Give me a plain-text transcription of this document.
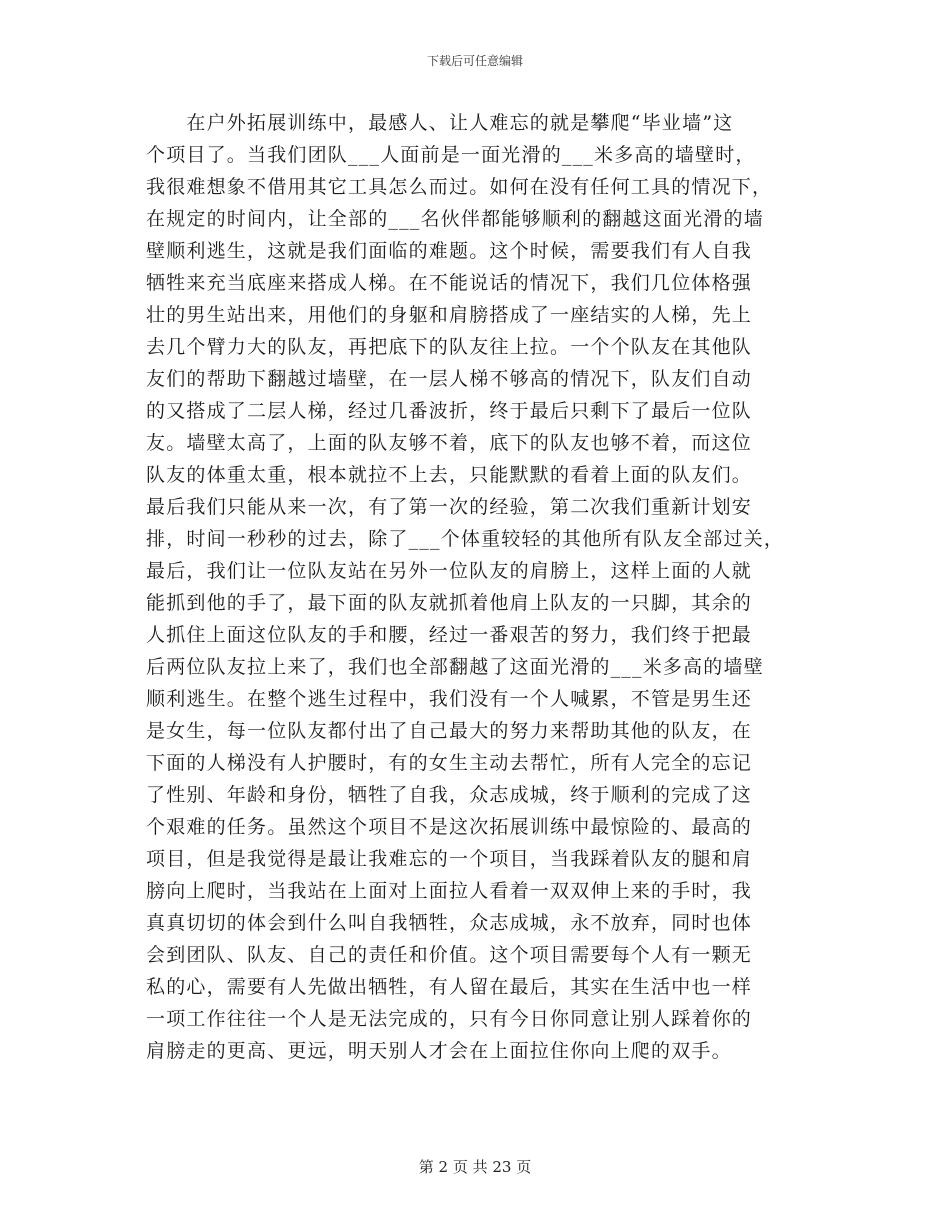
下载后可任意编辑
　　在户外拓展训练中，最感人、让人难忘的就是攀爬“毕业墙”这
个项目了。当我们团队___人面前是一面光滑的___米多高的墙壁时，
我很难想象不借用其它工具怎么而过。如何在没有任何工具的情况下，
在规定的时间内，让全部的___名伙伴都能够顺利的翻越这面光滑的墙
壁顺利逃生，这就是我们面临的难题。这个时候，需要我们有人自我
牺牲来充当底座来搭成人梯。在不能说话的情况下，我们几位体格强
壮的男生站出来，用他们的身躯和肩膀搭成了一座结实的人梯，先上
去几个臂力大的队友，再把底下的队友往上拉。一个个队友在其他队
友们的帮助下翻越过墙壁，在一层人梯不够高的情况下，队友们自动
的又搭成了二层人梯，经过几番波折，终于最后只剩下了最后一位队
友。墙壁太高了，上面的队友够不着，底下的队友也够不着，而这位
队友的体重太重，根本就拉不上去，只能默默的看着上面的队友们。
最后我们只能从来一次，有了第一次的经验，第二次我们重新计划安
排，时间一秒秒的过去，除了___个体重较轻的其他所有队友全部过关，
最后，我们让一位队友站在另外一位队友的肩膀上，这样上面的人就
能抓到他的手了，最下面的队友就抓着他肩上队友的一只脚，其余的
人抓住上面这位队友的手和腰，经过一番艰苦的努力，我们终于把最
后两位队友拉上来了，我们也全部翻越了这面光滑的___米多高的墙壁
顺利逃生。在整个逃生过程中，我们没有一个人喊累，不管是男生还
是女生，每一位队友都付出了自己最大的努力来帮助其他的队友，在
下面的人梯没有人护腰时，有的女生主动去帮忙，所有人完全的忘记
了性别、年龄和身份，牺牲了自我，众志成城，终于顺利的完成了这
个艰难的任务。虽然这个项目不是这次拓展训练中最惊险的、最高的
项目，但是我觉得是最让我难忘的一个项目，当我踩着队友的腿和肩
膀向上爬时，当我站在上面对上面拉人看着一双双伸上来的手时，我
真真切切的体会到什么叫自我牺牲，众志成城，永不放弃，同时也体
会到团队、队友、自己的责任和价值。这个项目需要每个人有一颗无
私的心，需要有人先做出牺牲，有人留在最后，其实在生活中也一样
一项工作往往一个人是无法完成的，只有今日你同意让别人踩着你的
肩膀走的更高、更远，明天别人才会在上面拉住你向上爬的双手。
第 2 页 共 23 页
